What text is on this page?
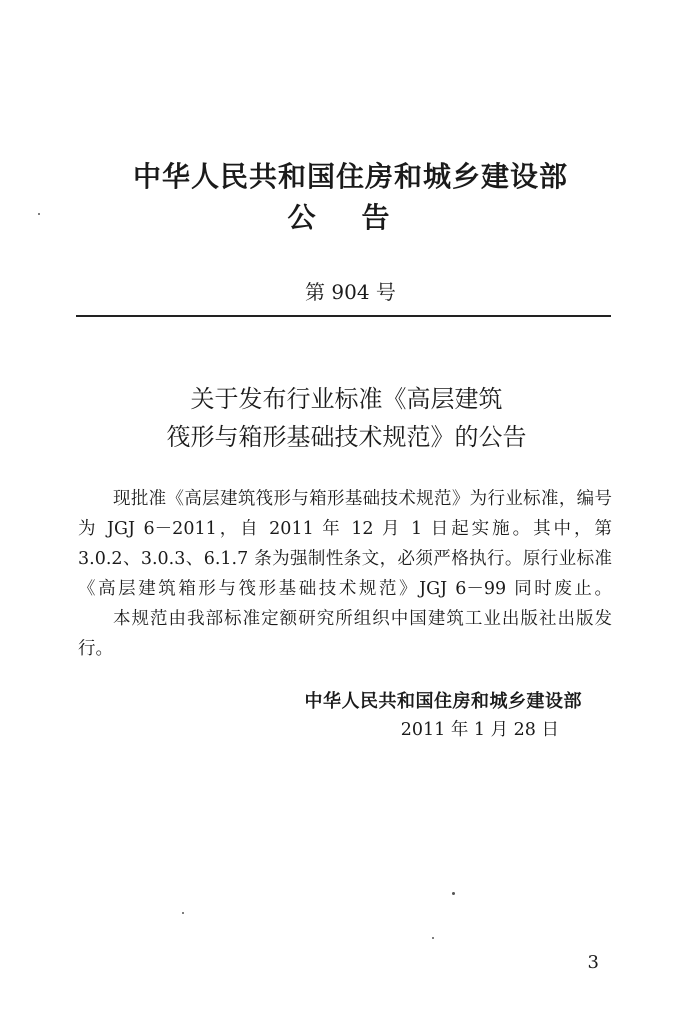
中华人民共和国住房和城乡建设部
公告
第 904 号
关于发布行业标准《高层建筑
筏形与箱形基础技术规范》的公告

现批准《高层建筑筏形与箱形基础技术规范》为行业标准，编号为 JGJ 6－2011，自 2011 年 12 月 1 日起实施。其中，第 3.0.2、3.0.3、6.1.7 条为强制性条文，必须严格执行。原行业标准《高层建筑箱形与筏形基础技术规范》JGJ 6－99 同时废止。

本规范由我部标准定额研究所组织中国建筑工业出版社出版发行。

中华人民共和国住房和城乡建设部
2011 年 1 月 28 日
3
